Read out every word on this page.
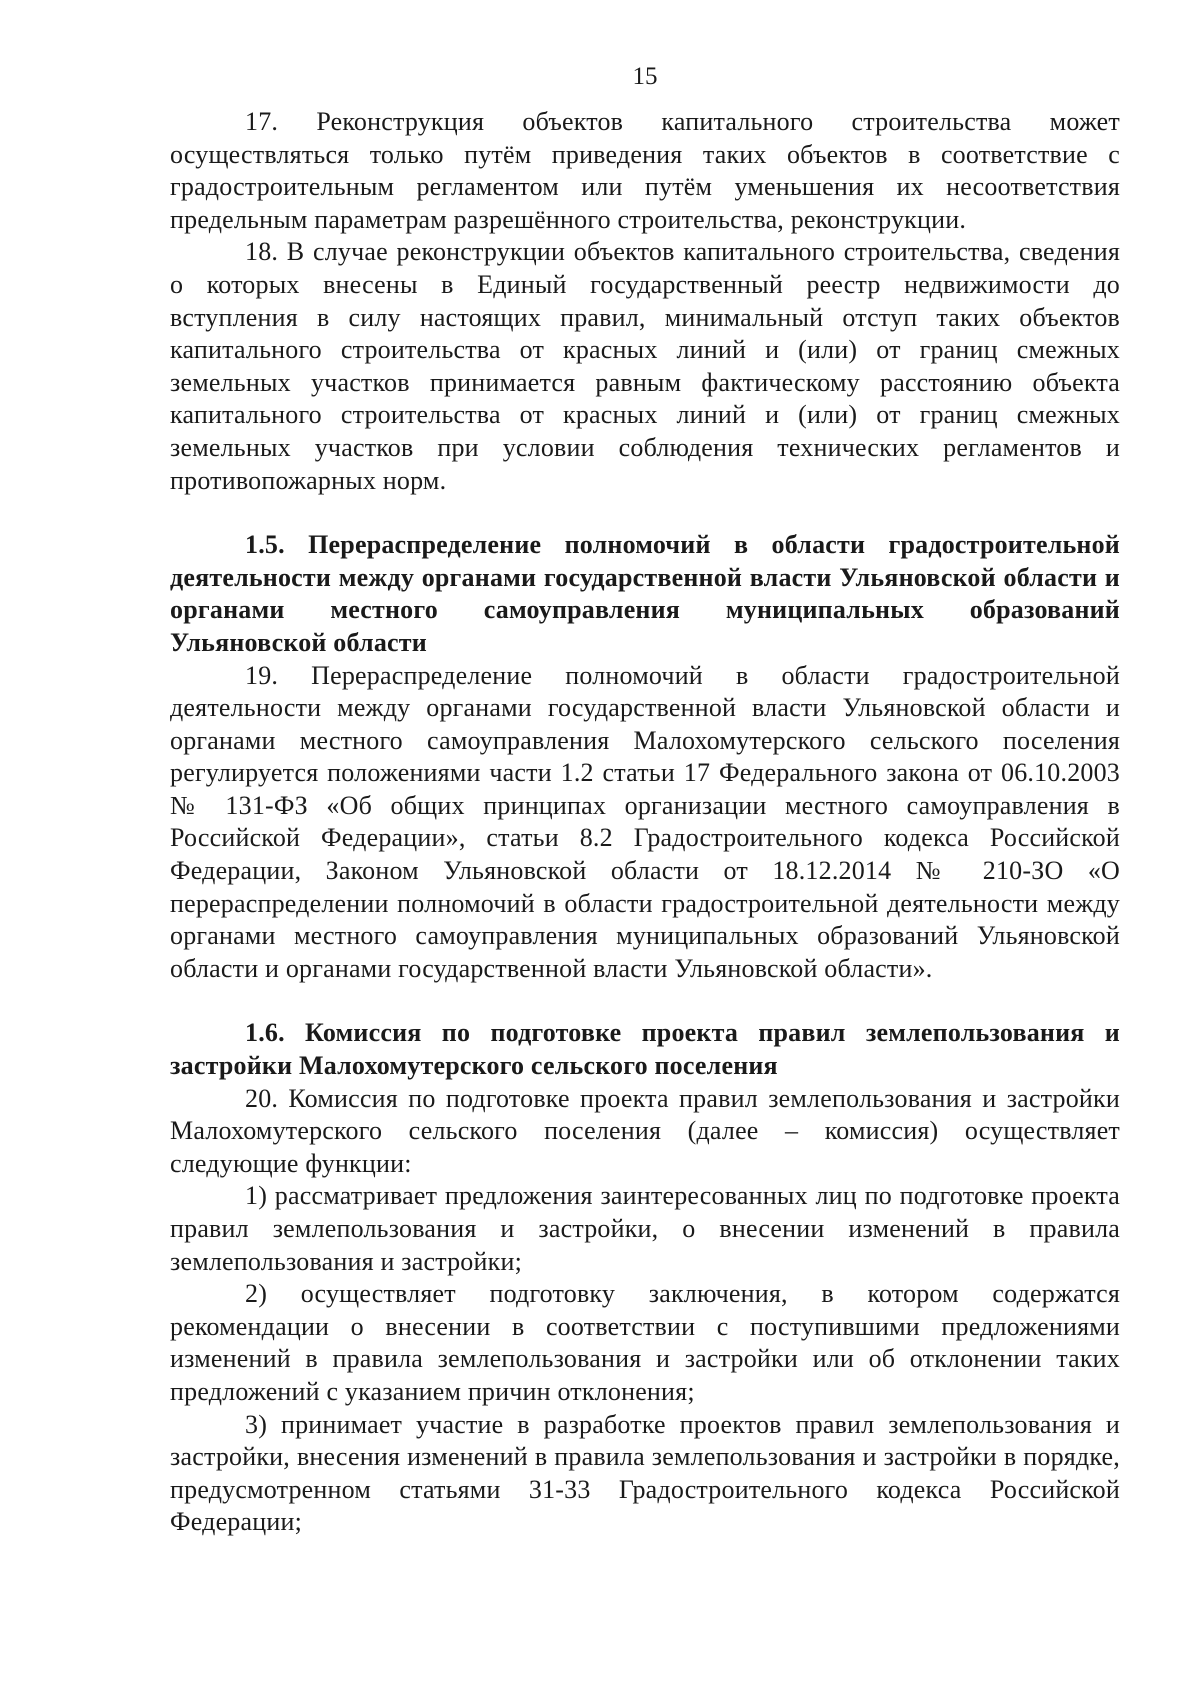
15

17. Реконструкция объектов капитального строительства может осуществляться только путём приведения таких объектов в соответствие с градостроительным регламентом или путём уменьшения их несоответствия предельным параметрам разрешённого строительства, реконструкции.

18. В случае реконструкции объектов капитального строительства, сведения о которых внесены в Единый государственный реестр недвижимости до вступления в силу настоящих правил, минимальный отступ таких объектов капитального строительства от красных линий и (или) от границ смежных земельных участков принимается равным фактическому расстоянию объекта капитального строительства от красных линий и (или) от границ смежных земельных участков при условии соблюдения технических регламентов и противопожарных норм.

1.5. Перераспределение полномочий в области градостроительной деятельности между органами государственной власти Ульяновской области и органами местного самоуправления муниципальных образований Ульяновской области

19. Перераспределение полномочий в области градостроительной деятельности между органами государственной власти Ульяновской области и органами местного самоуправления Малохомутерского сельского поселения регулируется положениями части 1.2 статьи 17 Федерального закона от 06.10.2003 № 131-ФЗ «Об общих принципах организации местного самоуправления в Российской Федерации», статьи 8.2 Градостроительного кодекса Российской Федерации, Законом Ульяновской области от 18.12.2014 № 210-ЗО «О перераспределении полномочий в области градостроительной деятельности между органами местного самоуправления муниципальных образований Ульяновской области и органами государственной власти Ульяновской области».

1.6. Комиссия по подготовке проекта правил землепользования и застройки Малохомутерского сельского поселения

20. Комиссия по подготовке проекта правил землепользования и застройки Малохомутерского сельского поселения (далее – комиссия) осуществляет следующие функции:

1) рассматривает предложения заинтересованных лиц по подготовке проекта правил землепользования и застройки, о внесении изменений в правила землепользования и застройки;

2) осуществляет подготовку заключения, в котором содержатся рекомендации о внесении в соответствии с поступившими предложениями изменений в правила землепользования и застройки или об отклонении таких предложений с указанием причин отклонения;

3) принимает участие в разработке проектов правил землепользования и застройки, внесения изменений в правила землепользования и застройки в порядке, предусмотренном статьями 31-33 Градостроительного кодекса Российской Федерации;
